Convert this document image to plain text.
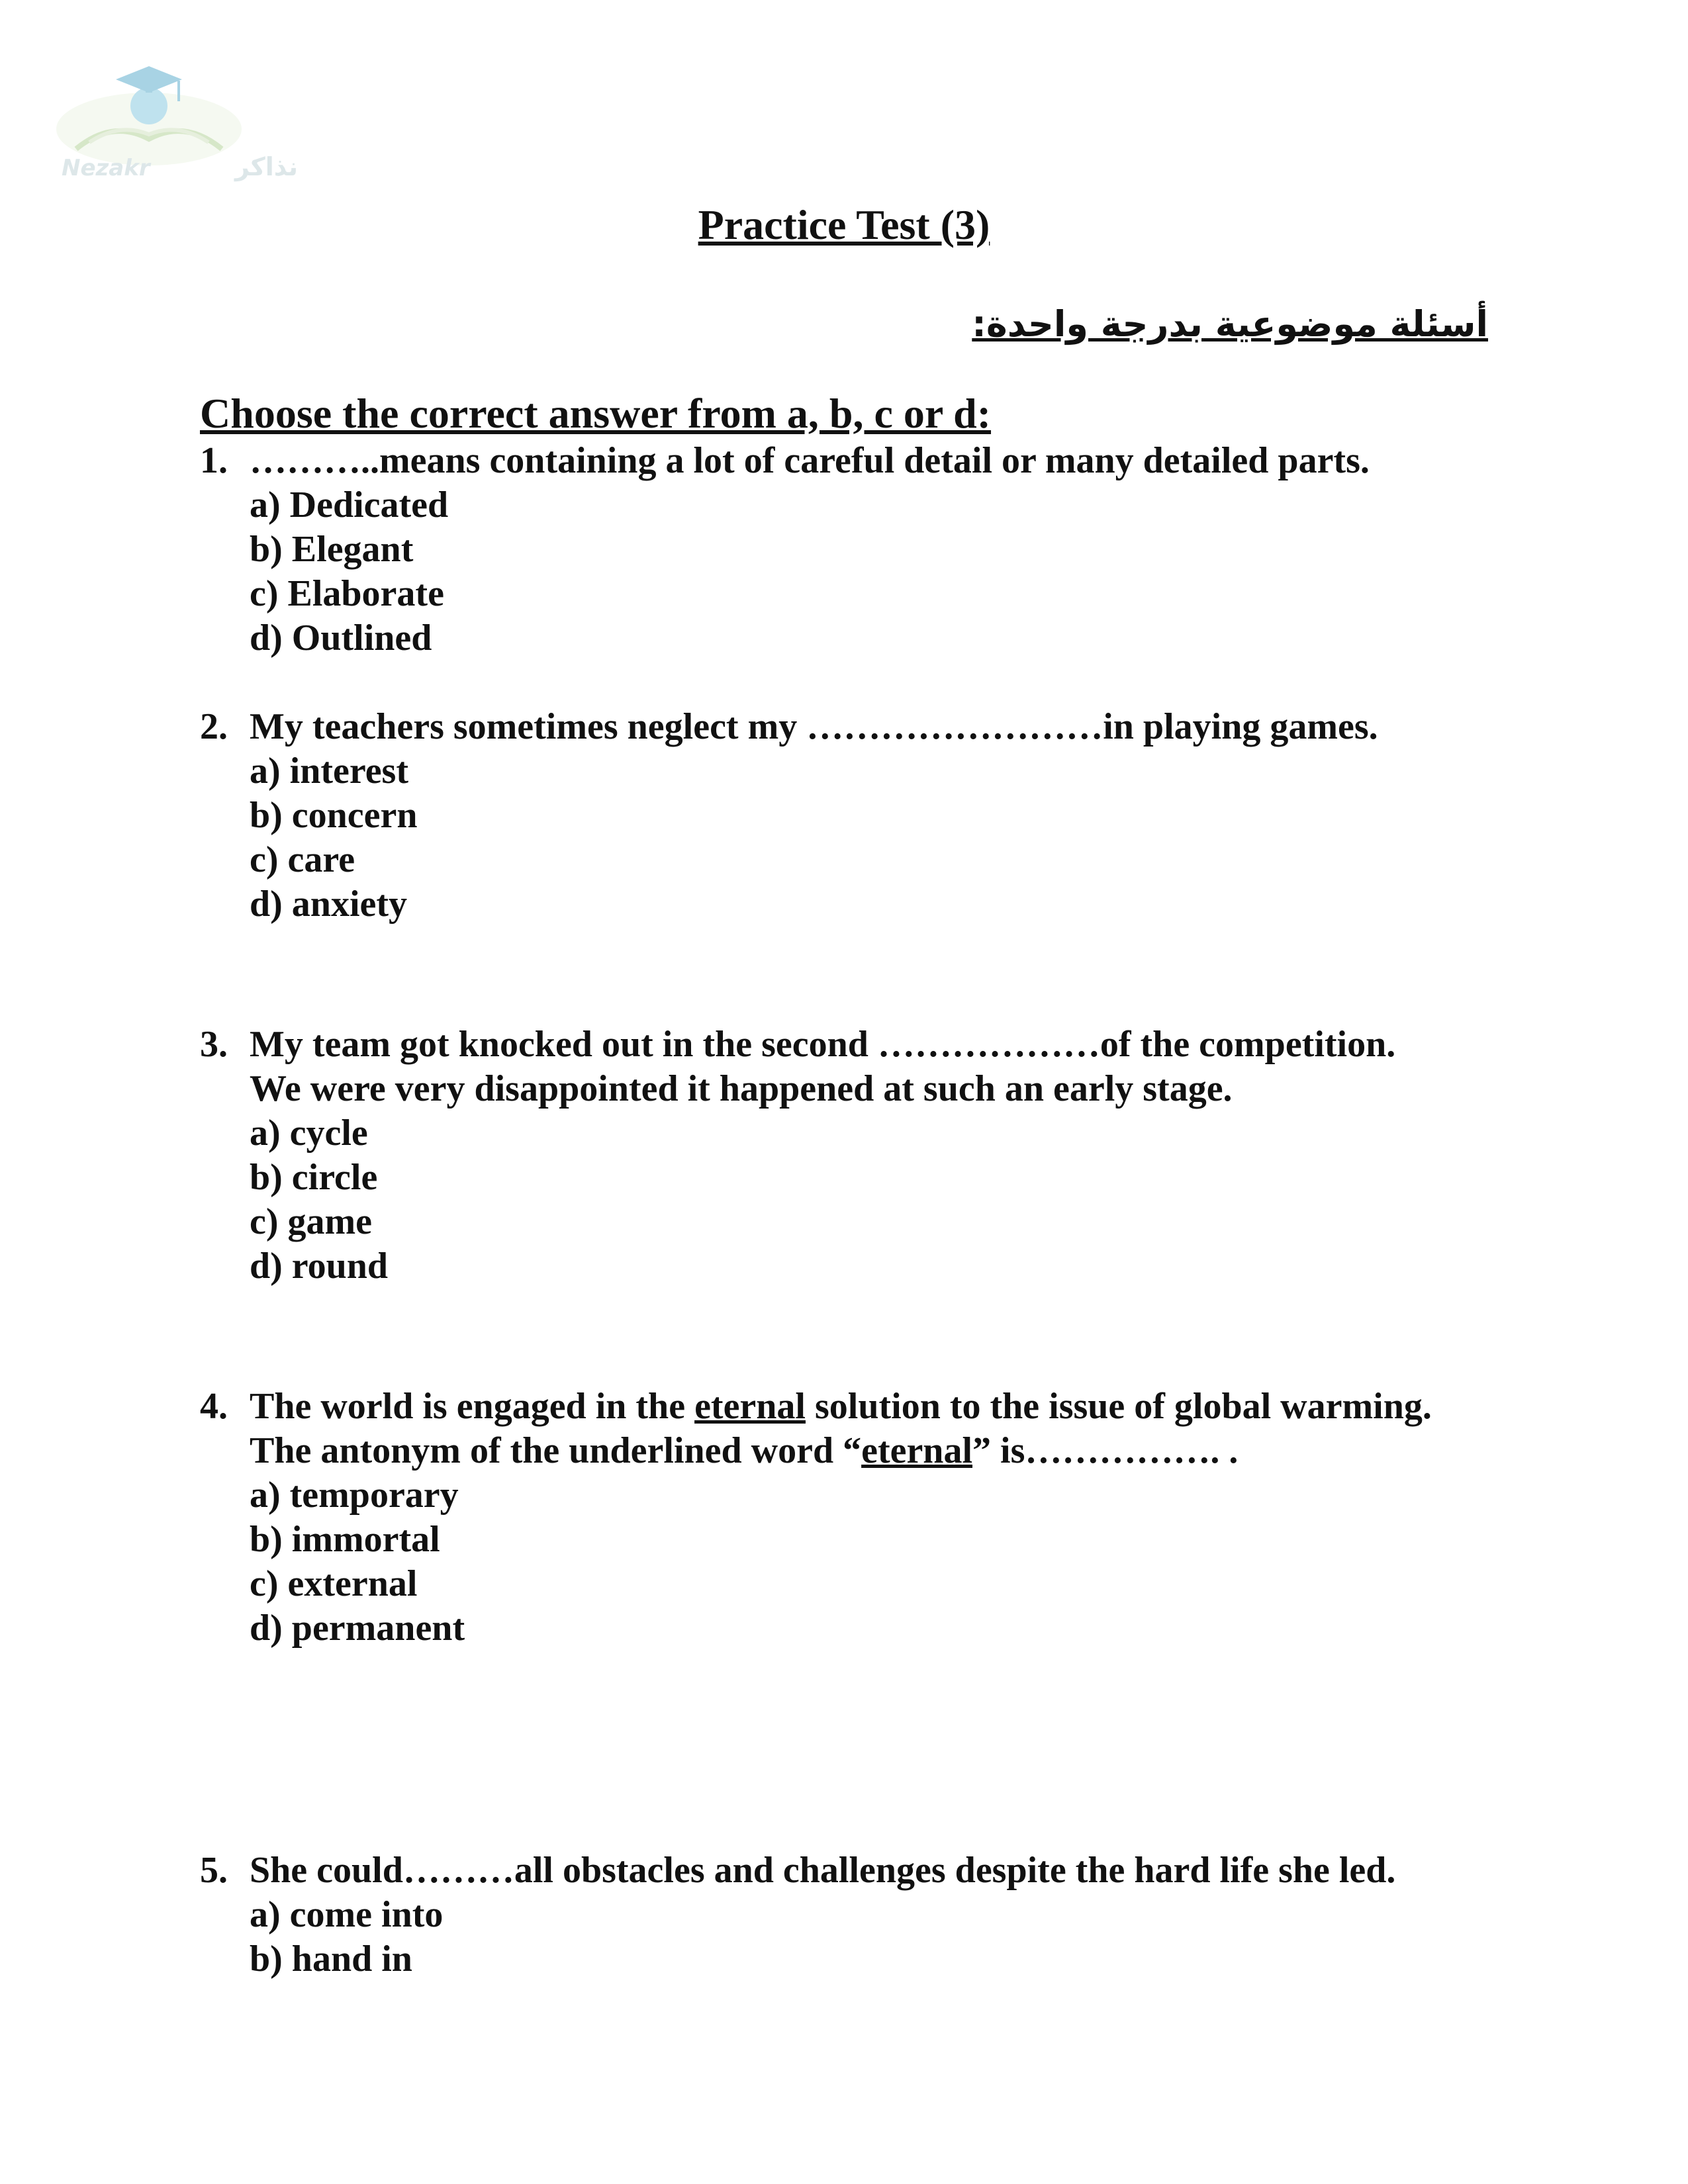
Nezakr	نذاكر
Practice Test (3)
أسئلة موضوعية بدرجة واحدة:
Choose the correct answer from a, b, c or d:
1. ………..means containing a lot of careful detail or many detailed parts.
a) Dedicated
b) Elegant
c) Elaborate
d) Outlined
2. My teachers sometimes neglect my ……………………in playing games.
a) interest
b) concern
c) care
d) anxiety
3. My team got knocked out in the second ………………of the competition.
We were very disappointed it happened at such an early stage.
a) cycle
b) circle
c) game
d) round
4. The world is engaged in the eternal solution to the issue of global warming.
The antonym of the underlined word “eternal” is……………. .
a) temporary
b) immortal
c) external
d) permanent
5. She could………all obstacles and challenges despite the hard life she led.
a) come into
b) hand in
